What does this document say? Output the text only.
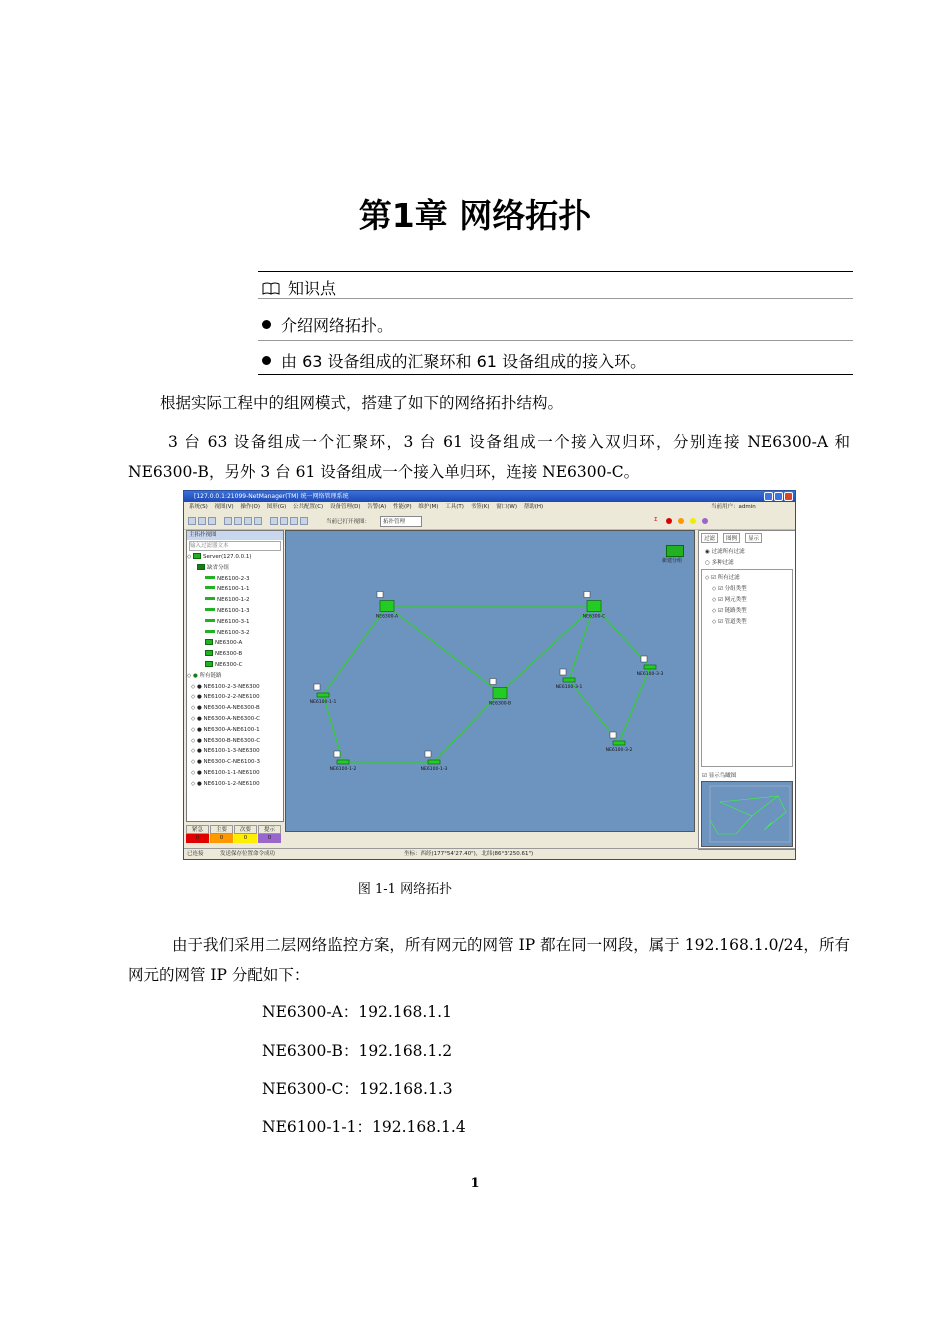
第1章 网络拓扑
知识点
介绍网络拓扑。
由 63 设备组成的汇聚环和 61 设备组成的接入环。
根据实际工程中的组网模式，搭建了如下的网络拓扑结构。
3 台 63 设备组成一个汇聚环，3 台 61 设备组成一个接入双归环，分别连接 NE6300-A 和 NE6300-B，另外 3 台 61 设备组成一个接入单归环，连接 NE6300-C。
[127.0.0.1:21099-NetManager(TM) 统一网络管理系统
系统(S) 视图(V) 操作(O) 图形(G) 公共配置(C) 设备管理(D) 告警(A) 性能(P) 维护(M) 工具(T) 书签(K) 窗口(W) 帮助(H)	当前用户：admin
当前已打开视图：	拓扑管理	Σ
主拓扑视图
输入过滤器文本
◇ Server(127.0.0.1)
缺省分组
NE6100-2-3
NE6100-1-1
NE6100-1-2
NE6100-1-3
NE6100-3-1
NE6100-3-2
NE6300-A
NE6300-B
NE6300-C
◇ ● 所有链路
◇ ● NE6100-2-3-NE6300
◇ ● NE6100-2-2-NE6100
◇ ● NE6300-A-NE6300-B
◇ ● NE6300-A-NE6300-C
◇ ● NE6300-A-NE6100-1
◇ ● NE6300-B-NE6300-C
◇ ● NE6100-1-3-NE6300
◇ ● NE6300-C-NE6100-3
◇ ● NE6100-1-1-NE6100
◇ ● NE6100-1-2-NE6100
紧急
0
主要
0
次要
0
提示
0
NE6300-A	NE6300-C
NE6100-3-1
NE6100-3-3
NE6100-1-1	NE6300-B
NE6100-3-2
NE6100-1-2	NE6100-1-3
新建分组
过滤	图例	显示
◉ 过滤所有过滤
○ 多种过滤
◇ ☑ 所有过滤
◇ ☑ 分组类型
◇ ☑ 网元类型
◇ ☑ 链路类型
◇ ☑ 管道类型
☑ 显示鸟瞰图
已连接	发送保存位置命令成功	坐标：西经(177°54'27.40")，北纬(86°3'250.61")
图 1-1 网络拓扑
由于我们采用二层网络监控方案，所有网元的网管 IP 都在同一网段，属于 192.168.1.0/24，所有网元的网管 IP 分配如下：
NE6300-A：192.168.1.1
NE6300-B：192.168.1.2
NE6300-C：192.168.1.3
NE6100-1-1：192.168.1.4
1
